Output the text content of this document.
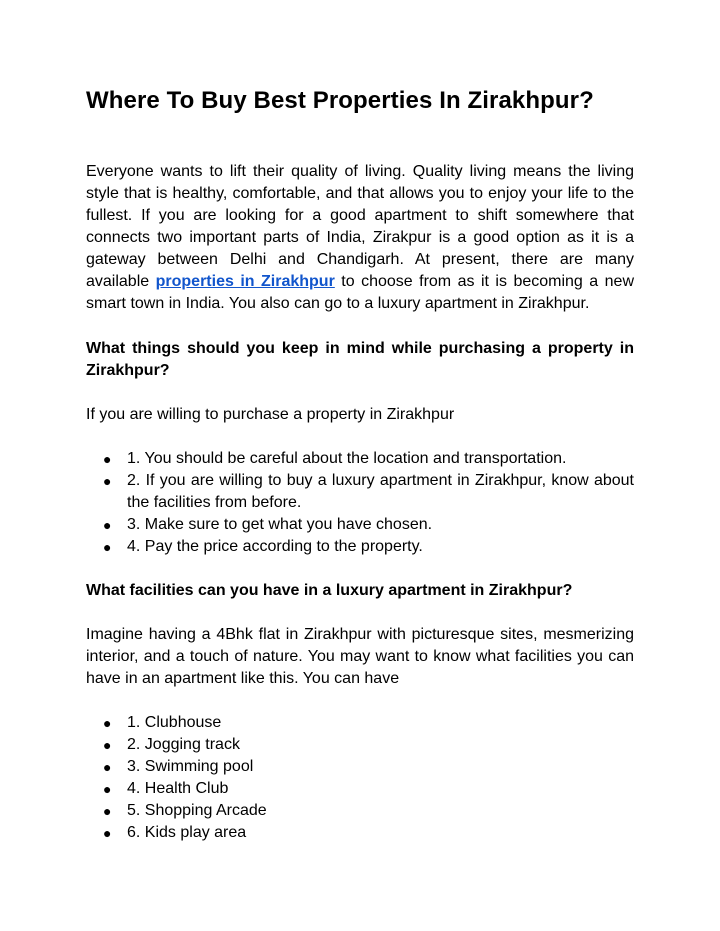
Where To Buy Best Properties In Zirakhpur?

Everyone wants to lift their quality of living. Quality living means the living style that is healthy, comfortable, and that allows you to enjoy your life to the fullest. If you are looking for a good apartment to shift somewhere that connects two important parts of India, Zirakpur is a good option as it is a gateway between Delhi and Chandigarh. At present, there are many available properties in Zirakhpur to choose from as it is becoming a new smart town in India. You also can go to a luxury apartment in Zirakhpur.

What things should you keep in mind while purchasing a property in Zirakhpur?

If you are willing to purchase a property in Zirakhpur

● 1. You should be careful about the location and transportation.
● 2. If you are willing to buy a luxury apartment in Zirakhpur, know about the facilities from before.
● 3. Make sure to get what you have chosen.
● 4. Pay the price according to the property.

What facilities can you have in a luxury apartment in Zirakhpur?

Imagine having a 4Bhk flat in Zirakhpur with picturesque sites, mesmerizing interior, and a touch of nature. You may want to know what facilities you can have in an apartment like this. You can have

● 1. Clubhouse
● 2. Jogging track
● 3. Swimming pool
● 4. Health Club
● 5. Shopping Arcade
● 6. Kids play area
